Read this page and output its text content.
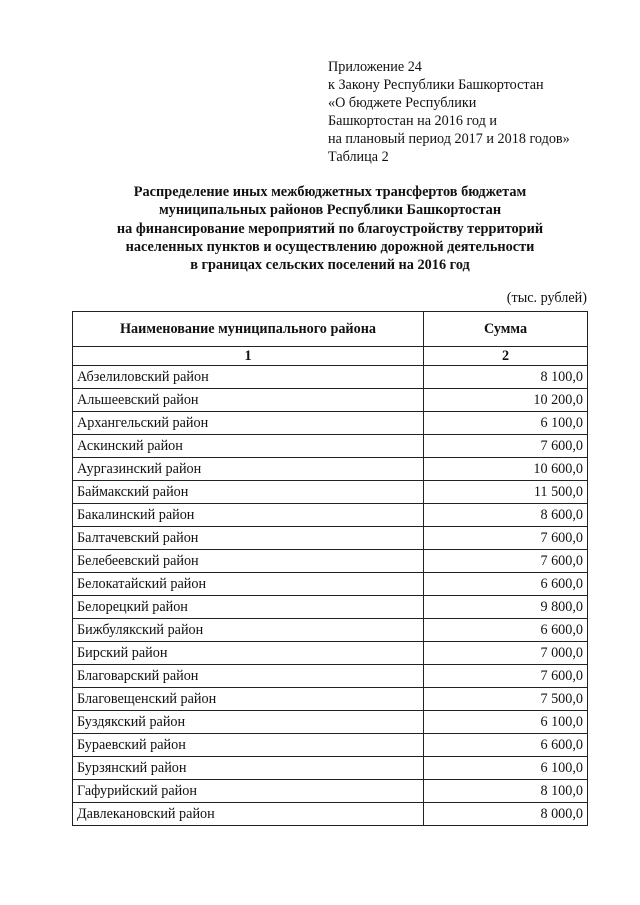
Приложение 24
к Закону Республики Башкортостан
«О бюджете Республики
Башкортостан на 2016 год и
на плановый период 2017 и 2018 годов»
Таблица 2
Распределение иных межбюджетных трансфертов бюджетам
муниципальных районов Республики Башкортостан
на финансирование мероприятий по благоустройству территорий
населенных пунктов и осуществлению дорожной деятельности
в границах сельских поселений на 2016 год
(тыс. рублей)
Наименование муниципального района	Сумма
1	2
Абзелиловский район	8 100,0
Альшеевский район	10 200,0
Архангельский район	6 100,0
Аскинский район	7 600,0
Аургазинский район	10 600,0
Баймакский район	11 500,0
Бакалинский район	8 600,0
Балтачевский район	7 600,0
Белебеевский район	7 600,0
Белокатайский район	6 600,0
Белорецкий район	9 800,0
Бижбулякский район	6 600,0
Бирский район	7 000,0
Благоварский район	7 600,0
Благовещенский район	7 500,0
Буздякский район	6 100,0
Бураевский район	6 600,0
Бурзянский район	6 100,0
Гафурийский район	8 100,0
Давлекановский район	8 000,0
